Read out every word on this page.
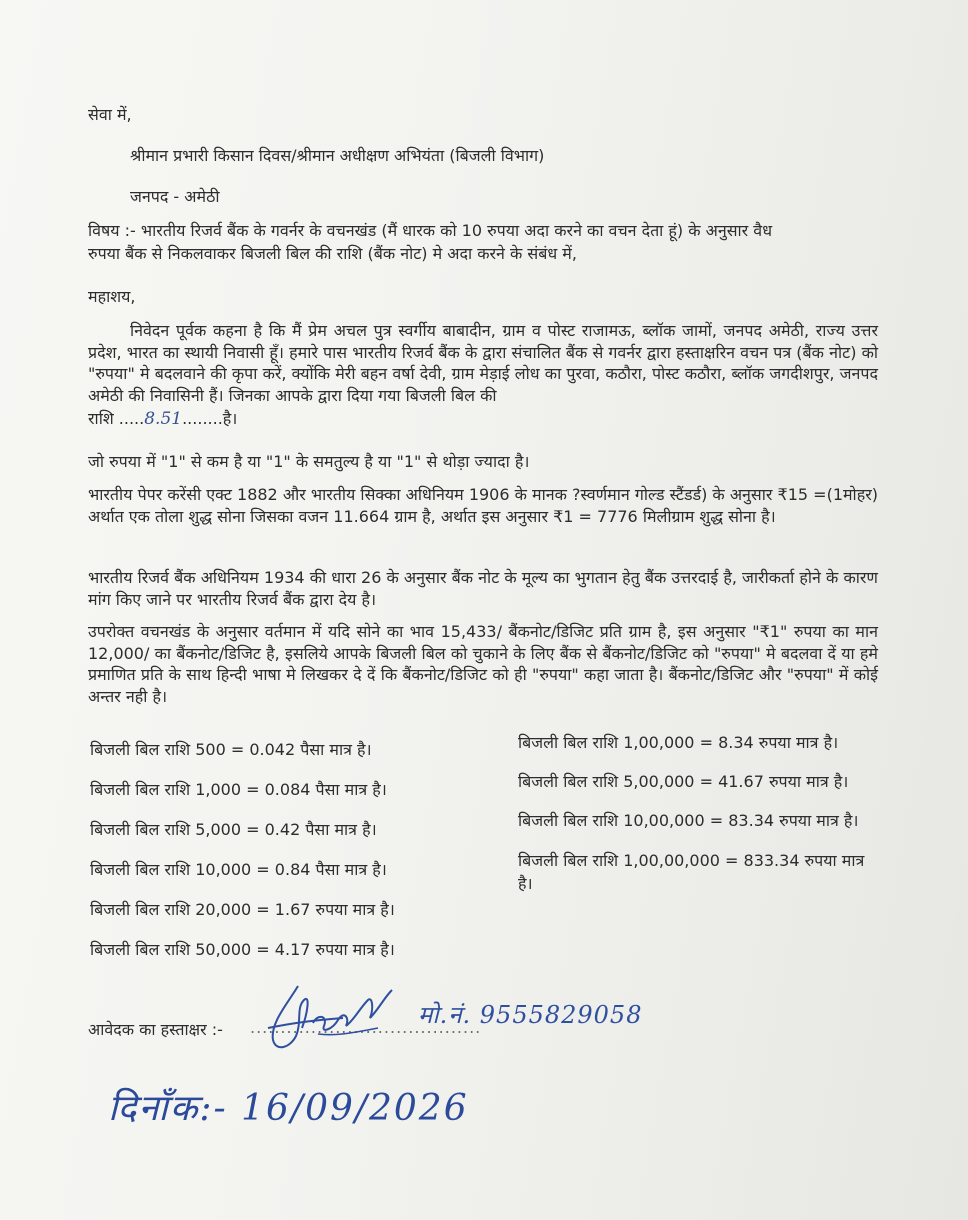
सेवा में,
श्रीमान प्रभारी किसान दिवस/श्रीमान अधीक्षण अभियंता (बिजली विभाग)
जनपद - अमेठी
विषय :- भारतीय रिजर्व बैंक के गवर्नर के वचनखंड (मैं धारक को 10 रुपया अदा करने का वचन देता हूं) के अनुसार वैध
रुपया बैंक से निकलवाकर बिजली बिल की राशि (बैंक नोट) मे अदा करने के संबंध में,
महाशय,
निवेदन पूर्वक कहना है कि मैं प्रेम अचल पुत्र स्वर्गीय बाबादीन, ग्राम व पोस्ट राजामऊ, ब्लॉक जामों, जनपद अमेठी, राज्य उत्तर प्रदेश, भारत का स्थायी निवासी हूँ। हमारे पास भारतीय रिजर्व बैंक के द्वारा संचालित बैंक से गवर्नर द्वारा हस्ताक्षरिन वचन पत्र (बैंक नोट) को "रुपया" मे बदलवाने की कृपा करें, क्योंकि मेरी बहन वर्षा देवी, ग्राम मेड़ाई लोध का पुरवा, कठौरा, पोस्ट कठौरा, ब्लॉक जगदीशपुर, जनपद अमेठी की निवासिनी हैं। जिनका आपके द्वारा दिया गया बिजली बिल की
राशि .....8.51........है।
जो रुपया में "1" से कम है या "1" के समतुल्य है या "1" से थोड़ा ज्यादा है।
भारतीय पेपर करेंसी एक्ट 1882 और भारतीय सिक्का अधिनियम 1906 के मानक ?स्वर्णमान गोल्ड स्टैंडर्ड) के अनुसार ₹15 =(1मोहर) अर्थात एक तोला शुद्ध सोना जिसका वजन 11.664 ग्राम है, अर्थात इस अनुसार ₹1 = 7776 मिलीग्राम शुद्ध सोना है।
भारतीय रिजर्व बैंक अधिनियम 1934 की धारा 26 के अनुसार बैंक नोट के मूल्य का भुगतान हेतु बैंक उत्तरदाई है, जारीकर्ता होने के कारण मांग किए जाने पर भारतीय रिजर्व बैंक द्वारा देय है।
उपरोक्त वचनखंड के अनुसार वर्तमान में यदि सोने का भाव 15,433/ बैंकनोट/डिजिट प्रति ग्राम है, इस अनुसार "₹1" रुपया का मान 12,000/ का बैंकनोट/डिजिट है, इसलिये आपके बिजली बिल को चुकाने के लिए बैंक से बैंकनोट/डिजिट को "रुपया" मे बदलवा दें या हमे प्रमाणित प्रति के साथ हिन्दी भाषा मे लिखकर दे दें कि बैंकनोट/डिजिट को ही "रुपया" कहा जाता है। बैंकनोट/डिजिट और "रुपया" में कोई अन्तर नही है।
बिजली बिल राशि 500 = 0.042 पैसा मात्र है।
बिजली बिल राशि 1,000 = 0.084 पैसा मात्र है।
बिजली बिल राशि 5,000 = 0.42 पैसा मात्र है।
बिजली बिल राशि 10,000 = 0.84 पैसा मात्र है।
बिजली बिल राशि 20,000 = 1.67 रुपया मात्र है।
बिजली बिल राशि 50,000 = 4.17 रुपया मात्र है।
बिजली बिल राशि 1,00,000 = 8.34 रुपया मात्र है।
बिजली बिल राशि 5,00,000 = 41.67 रुपया मात्र है।
बिजली बिल राशि 10,00,000 = 83.34 रुपया मात्र है।
बिजली बिल राशि 1,00,00,000 = 833.34 रुपया मात्र
है।
आवेदक का हस्ताक्षर :- ......................................
मो.नं. 9555829058
दिनाँक:- 16/09/2026
